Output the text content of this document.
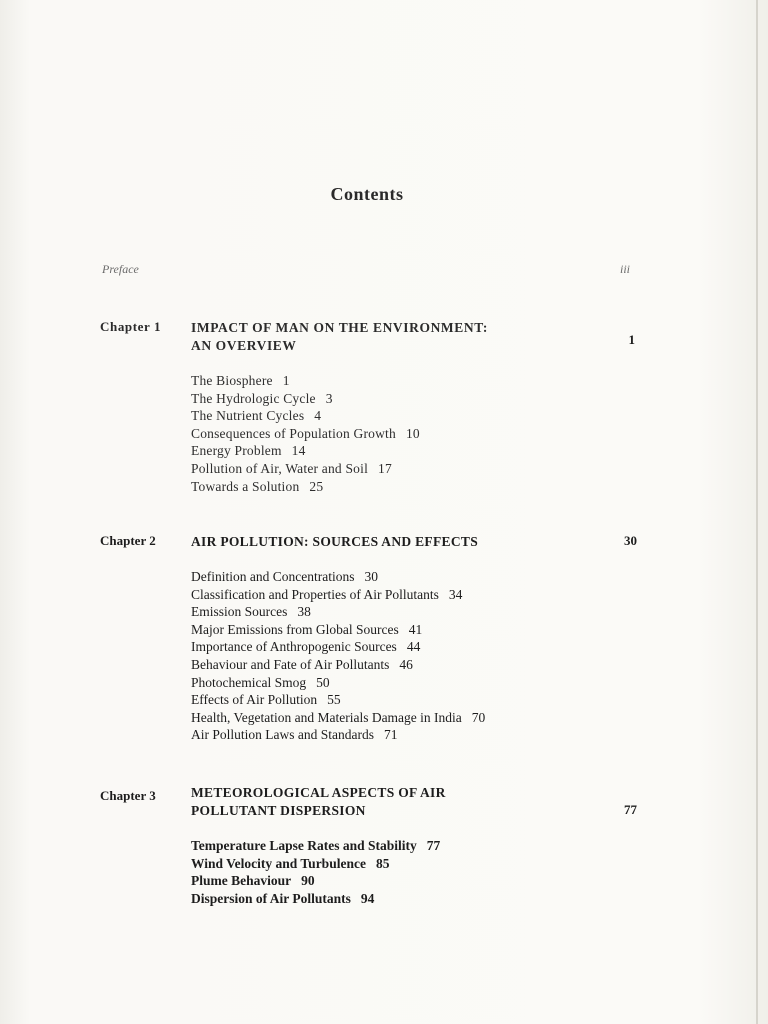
Contents
Preface	iii
Chapter 1 IMPACT OF MAN ON THE ENVIRONMENT:
AN OVERVIEW	1
The Biosphere 1
The Hydrologic Cycle 3
The Nutrient Cycles 4
Consequences of Population Growth 10
Energy Problem 14
Pollution of Air, Water and Soil 17
Towards a Solution 25
Chapter 2	AIR POLLUTION: SOURCES AND EFFECTS	30
Definition and Concentrations 30
Classification and Properties of Air Pollutants 34
Emission Sources 38
Major Emissions from Global Sources 41
Importance of Anthropogenic Sources 44
Behaviour and Fate of Air Pollutants 46
Photochemical Smog 50
Effects of Air Pollution 55
Health, Vegetation and Materials Damage in India 70
Air Pollution Laws and Standards 71
Chapter 3	METEOROLOGICAL ASPECTS OF AIR
POLLUTANT DISPERSION	77
Temperature Lapse Rates and Stability 77
Wind Velocity and Turbulence 85
Plume Behaviour 90
Dispersion of Air Pollutants 94
